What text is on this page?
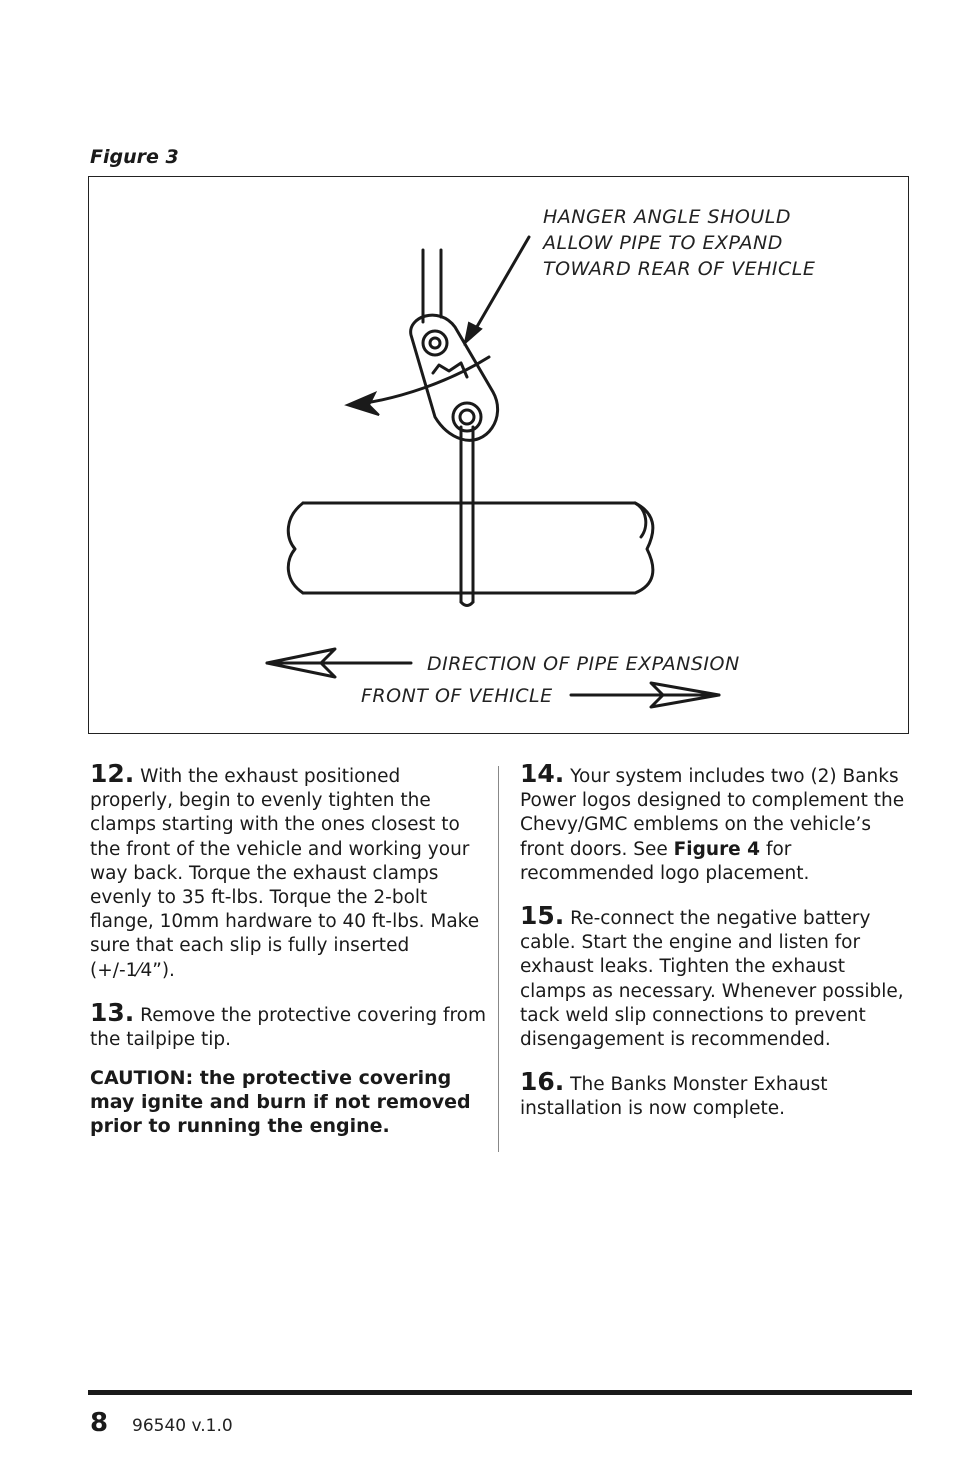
Figure 3
HANGER ANGLE SHOULD
ALLOW PIPE TO EXPAND
TOWARD REAR OF VEHICLE
DIRECTION OF PIPE EXPANSION
FRONT OF VEHICLE

12. With the exhaust positioned properly, begin to evenly tighten the clamps starting with the ones closest to the front of the vehicle and working your way back. Torque the exhaust clamps evenly to 35 ft-lbs. Torque the 2-bolt flange, 10mm hardware to 40 ft-lbs. Make sure that each slip is fully inserted (+/-1⁄4”).

13. Remove the protective covering from the tailpipe tip.

CAUTION: the protective covering may ignite and burn if not removed prior to running the engine.

14. Your system includes two (2) Banks Power logos designed to complement the Chevy/GMC emblems on the vehicle’s front doors. See Figure 4 for recommended logo placement.

15. Re-connect the negative battery cable. Start the engine and listen for exhaust leaks. Tighten the exhaust clamps as necessary. Whenever possible, tack weld slip connections to prevent disengagement is recommended.

16. The Banks Monster Exhaust installation is now complete.

8 96540 v.1.0
